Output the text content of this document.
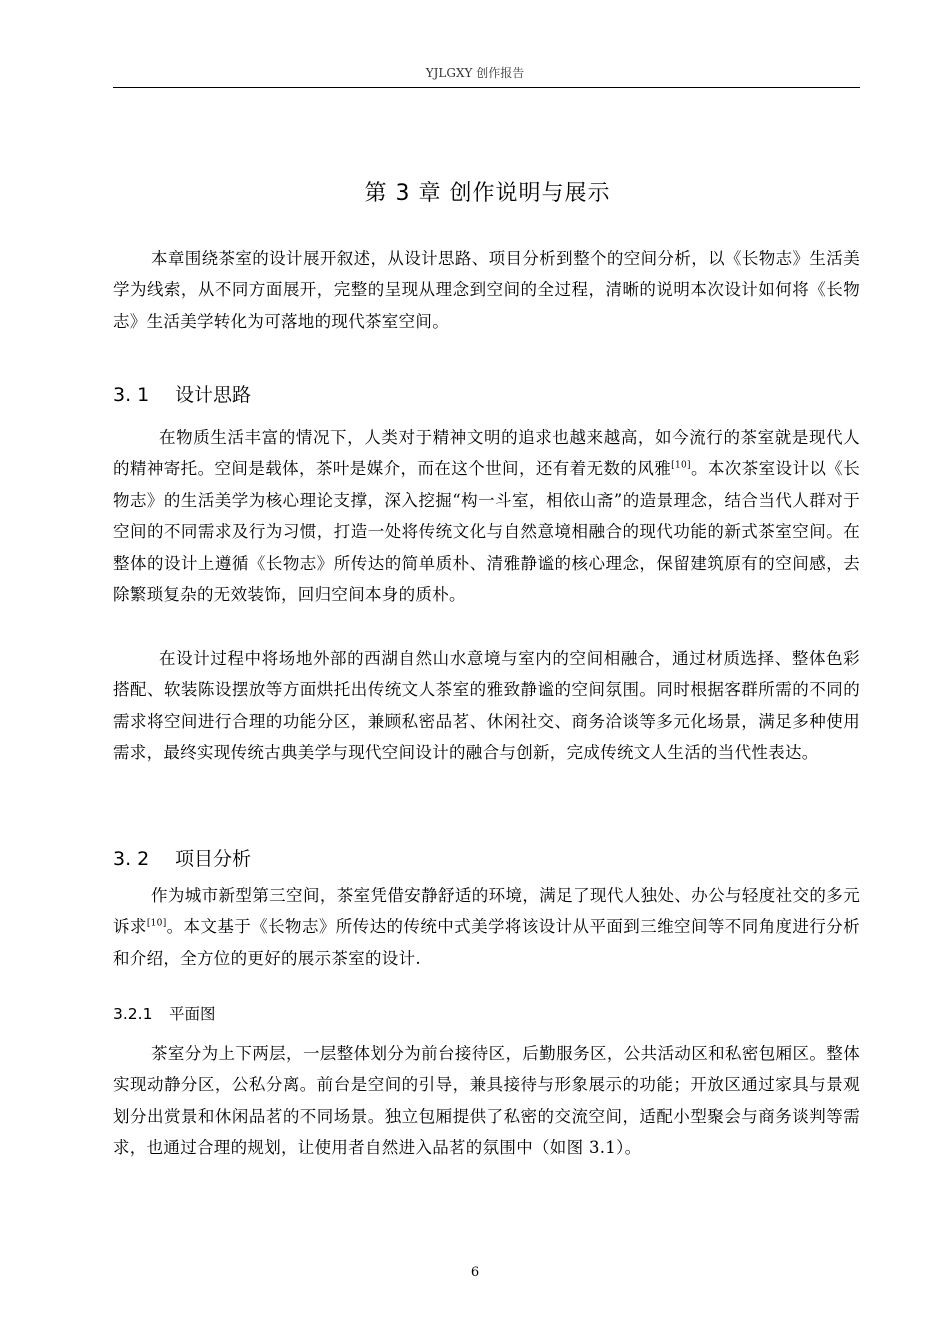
YJLGXY 创作报告
第 3 章 创作说明与展示

本章围绕茶室的设计展开叙述，从设计思路、项目分析到整个的空间分析，以《长物志》生活美学为线索，从不同方面展开，完整的呈现从理念到空间的全过程，清晰的说明本次设计如何将《长物志》生活美学转化为可落地的现代茶室空间。

3. 1 设计思路

在物质生活丰富的情况下，人类对于精神文明的追求也越来越高，如今流行的茶室就是现代人的精神寄托。空间是载体，茶叶是媒介，而在这个世间，还有着无数的风雅[10]。本次茶室设计以《长物志》的生活美学为核心理论支撑，深入挖掘“构一斗室，相依山斋”的造景理念，结合当代人群对于空间的不同需求及行为习惯，打造一处将传统文化与自然意境相融合的现代功能的新式茶室空间。在整体的设计上遵循《长物志》所传达的简单质朴、清雅静谧的核心理念，保留建筑原有的空间感，去除繁琐复杂的无效装饰，回归空间本身的质朴。

在设计过程中将场地外部的西湖自然山水意境与室内的空间相融合，通过材质选择、整体色彩搭配、软装陈设摆放等方面烘托出传统文人茶室的雅致静谧的空间氛围。同时根据客群所需的不同的需求将空间进行合理的功能分区，兼顾私密品茗、休闲社交、商务洽谈等多元化场景，满足多种使用需求，最终实现传统古典美学与现代空间设计的融合与创新，完成传统文人生活的当代性表达。

3. 2 项目分析

作为城市新型第三空间，茶室凭借安静舒适的环境，满足了现代人独处、办公与轻度社交的多元诉求[10]。本文基于《长物志》所传达的传统中式美学将该设计从平面到三维空间等不同角度进行分析和介绍，全方位的更好的展示茶室的设计.

3.2.1 平面图

茶室分为上下两层，一层整体划分为前台接待区，后勤服务区，公共活动区和私密包厢区。整体实现动静分区，公私分离。前台是空间的引导，兼具接待与形象展示的功能；开放区通过家具与景观划分出赏景和休闲品茗的不同场景。独立包厢提供了私密的交流空间，适配小型聚会与商务谈判等需求，也通过合理的规划，让使用者自然进入品茗的氛围中（如图 3.1）。

6
